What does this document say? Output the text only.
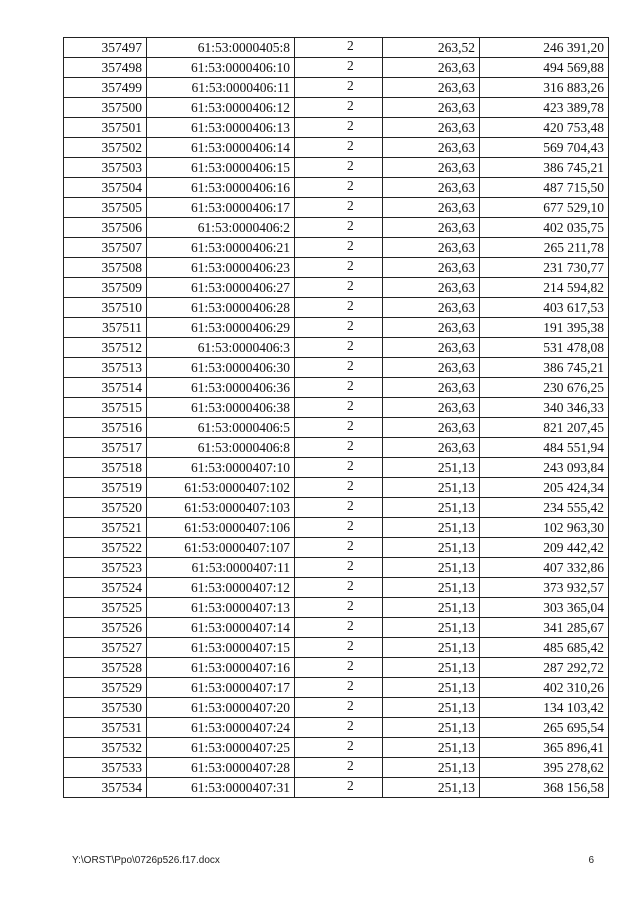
357497	61:53:0000405:8	2	263,52	246 391,20
357498	61:53:0000406:10	2	263,63	494 569,88
357499	61:53:0000406:11	2	263,63	316 883,26
357500	61:53:0000406:12	2	263,63	423 389,78
357501	61:53:0000406:13	2	263,63	420 753,48
357502	61:53:0000406:14	2	263,63	569 704,43
357503	61:53:0000406:15	2	263,63	386 745,21
357504	61:53:0000406:16	2	263,63	487 715,50
357505	61:53:0000406:17	2	263,63	677 529,10
357506	61:53:0000406:2	2	263,63	402 035,75
357507	61:53:0000406:21	2	263,63	265 211,78
357508	61:53:0000406:23	2	263,63	231 730,77
357509	61:53:0000406:27	2	263,63	214 594,82
357510	61:53:0000406:28	2	263,63	403 617,53
357511	61:53:0000406:29	2	263,63	191 395,38
357512	61:53:0000406:3	2	263,63	531 478,08
357513	61:53:0000406:30	2	263,63	386 745,21
357514	61:53:0000406:36	2	263,63	230 676,25
357515	61:53:0000406:38	2	263,63	340 346,33
357516	61:53:0000406:5	2	263,63	821 207,45
357517	61:53:0000406:8	2	263,63	484 551,94
357518	61:53:0000407:10	2	251,13	243 093,84
357519	61:53:0000407:102	2	251,13	205 424,34
357520	61:53:0000407:103	2	251,13	234 555,42
357521	61:53:0000407:106	2	251,13	102 963,30
357522	61:53:0000407:107	2	251,13	209 442,42
357523	61:53:0000407:11	2	251,13	407 332,86
357524	61:53:0000407:12	2	251,13	373 932,57
357525	61:53:0000407:13	2	251,13	303 365,04
357526	61:53:0000407:14	2	251,13	341 285,67
357527	61:53:0000407:15	2	251,13	485 685,42
357528	61:53:0000407:16	2	251,13	287 292,72
357529	61:53:0000407:17	2	251,13	402 310,26
357530	61:53:0000407:20	2	251,13	134 103,42
357531	61:53:0000407:24	2	251,13	265 695,54
357532	61:53:0000407:25	2	251,13	365 896,41
357533	61:53:0000407:28	2	251,13	395 278,62
357534	61:53:0000407:31	2	251,13	368 156,58
Y:\ORST\Ppo\0726p526.f17.docx	6
